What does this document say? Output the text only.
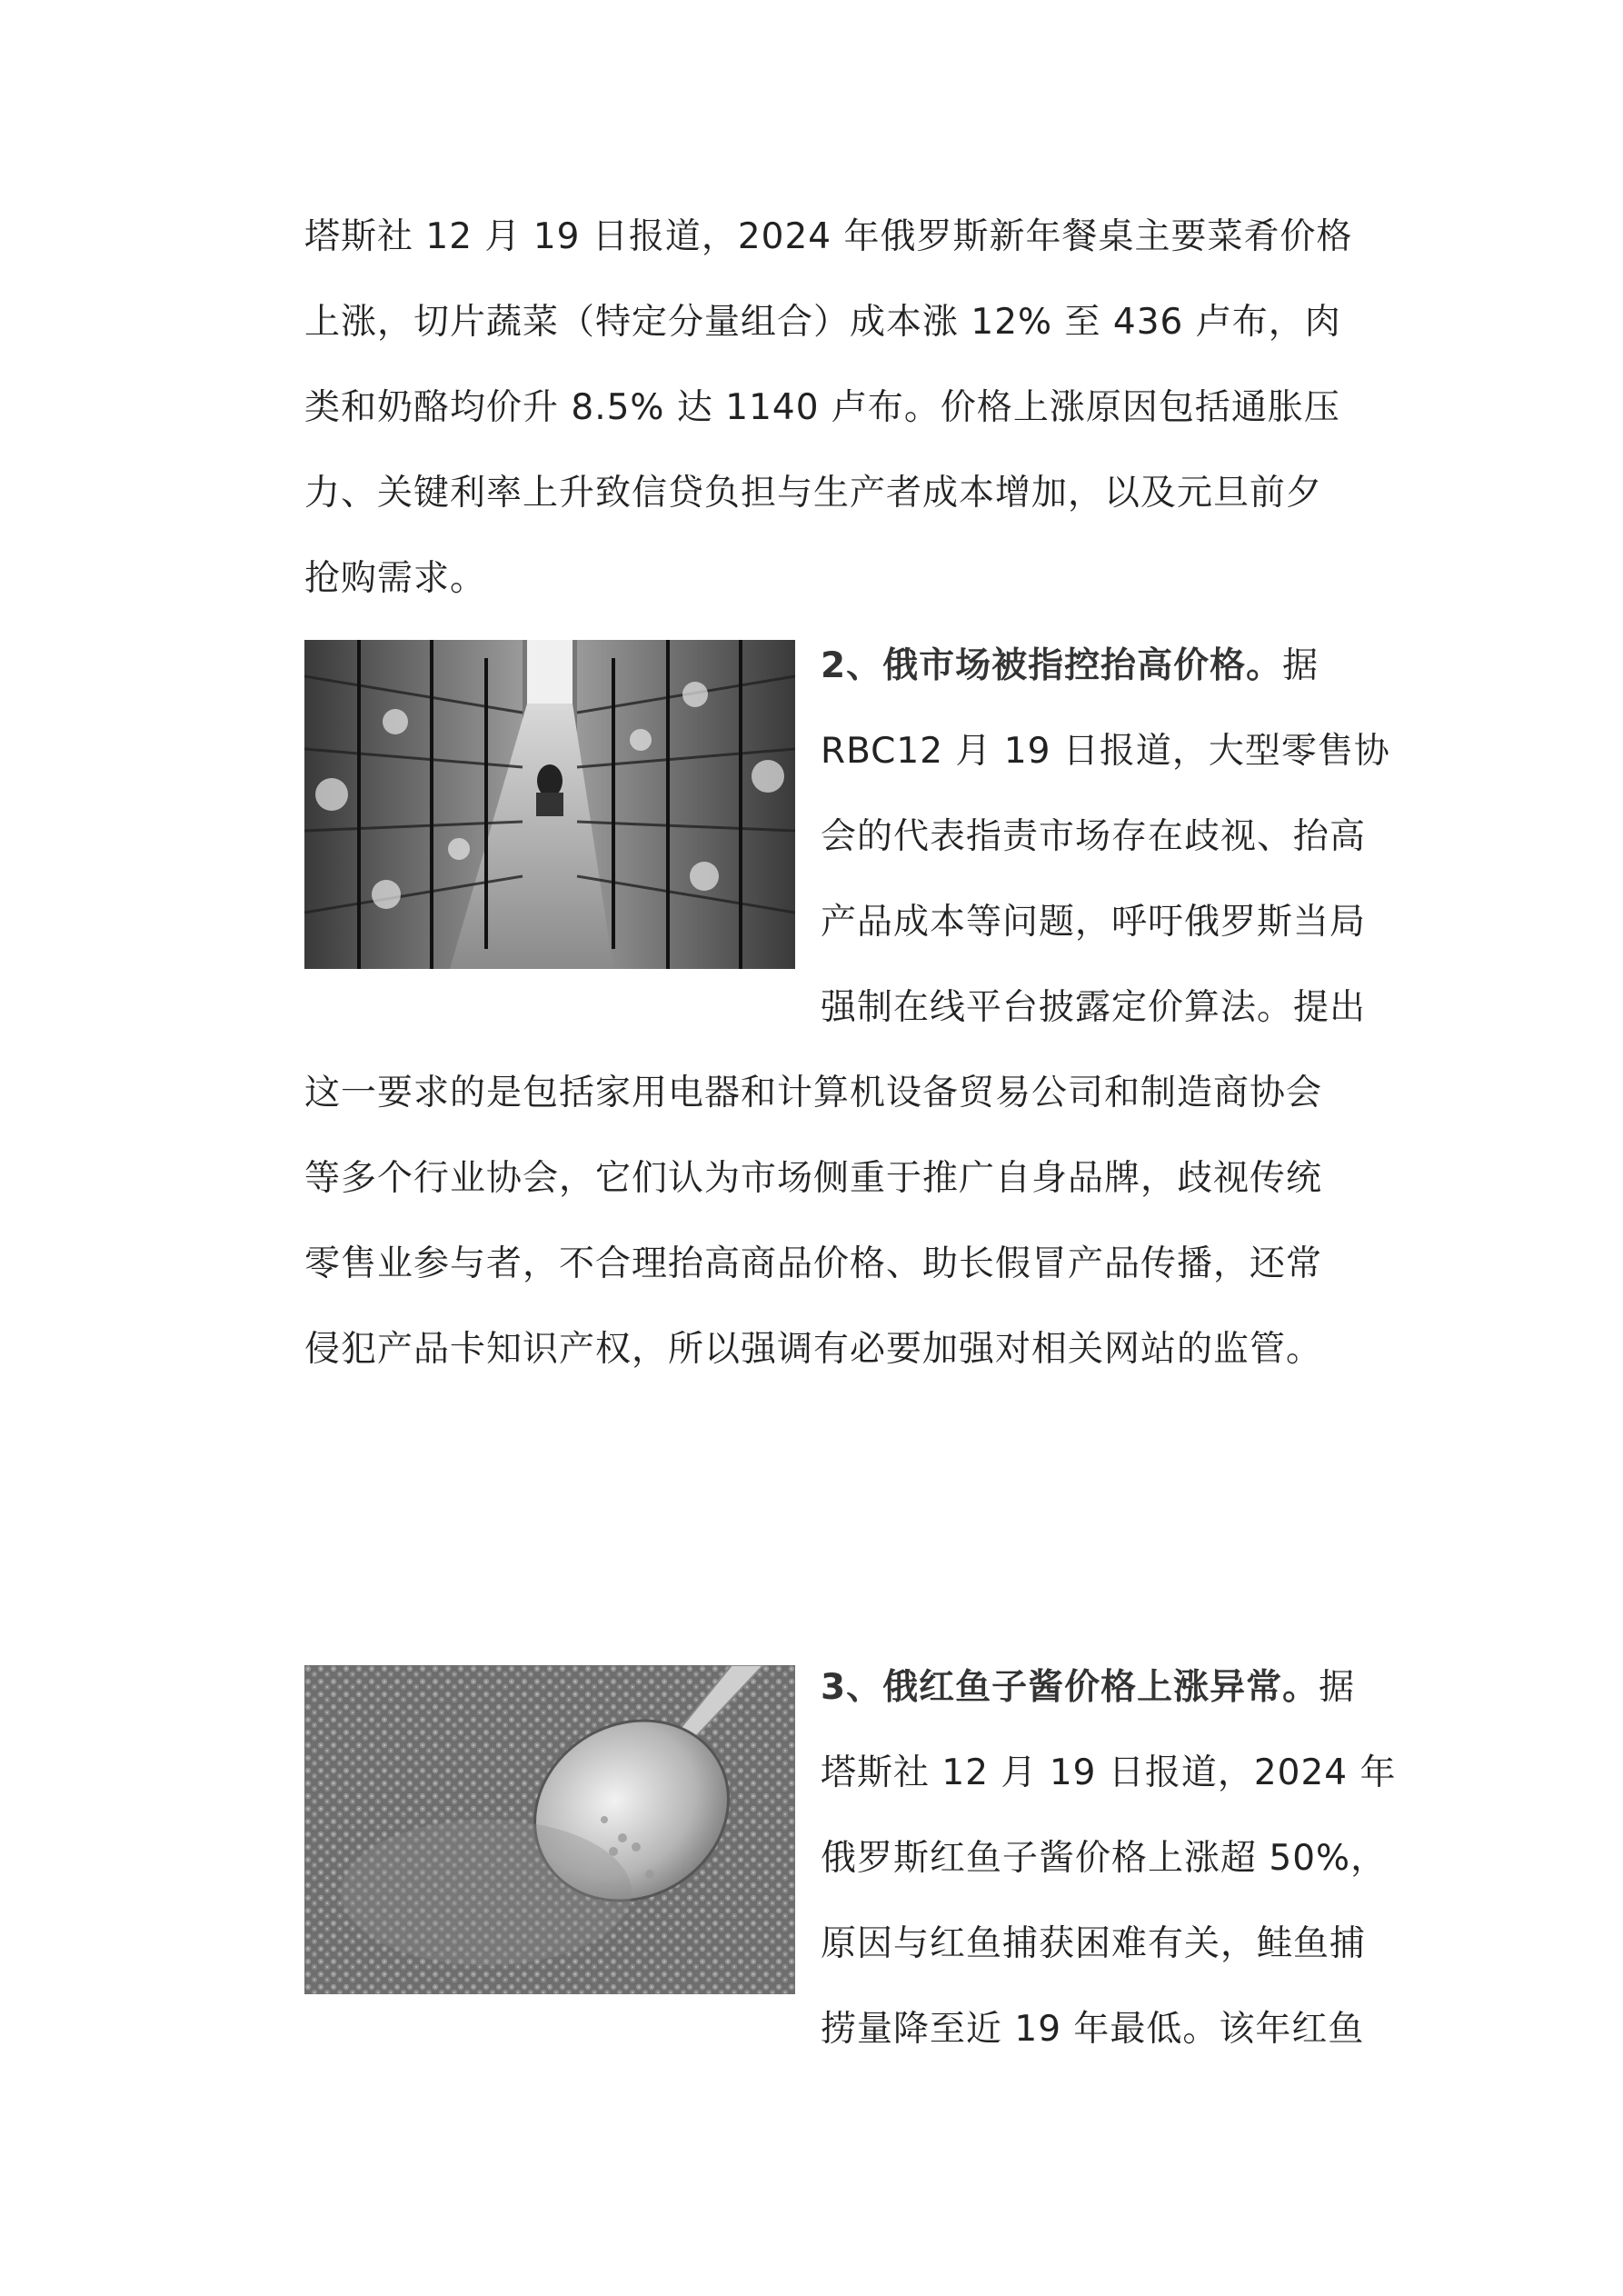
塔斯社 12 月 19 日报道，2024 年俄罗斯新年餐桌主要菜肴价格
上涨，切片蔬菜（特定分量组合）成本涨 12% 至 436 卢布，肉
类和奶酪均价升 8.5% 达 1140 卢布。价格上涨原因包括通胀压
力、关键利率上升致信贷负担与生产者成本增加，以及元旦前夕
抢购需求。
2、俄市场被指控抬高价格。据
RBC12 月 19 日报道，大型零售协
会的代表指责市场存在歧视、抬高
产品成本等问题，呼吁俄罗斯当局
强制在线平台披露定价算法。提出
这一要求的是包括家用电器和计算机设备贸易公司和制造商协会
等多个行业协会，它们认为市场侧重于推广自身品牌，歧视传统
零售业参与者，不合理抬高商品价格、助长假冒产品传播，还常
侵犯产品卡知识产权，所以强调有必要加强对相关网站的监管。
3、俄红鱼子酱价格上涨异常。据
塔斯社 12 月 19 日报道，2024 年
俄罗斯红鱼子酱价格上涨超 50%，
原因与红鱼捕获困难有关，鲑鱼捕
捞量降至近 19 年最低。该年红鱼
